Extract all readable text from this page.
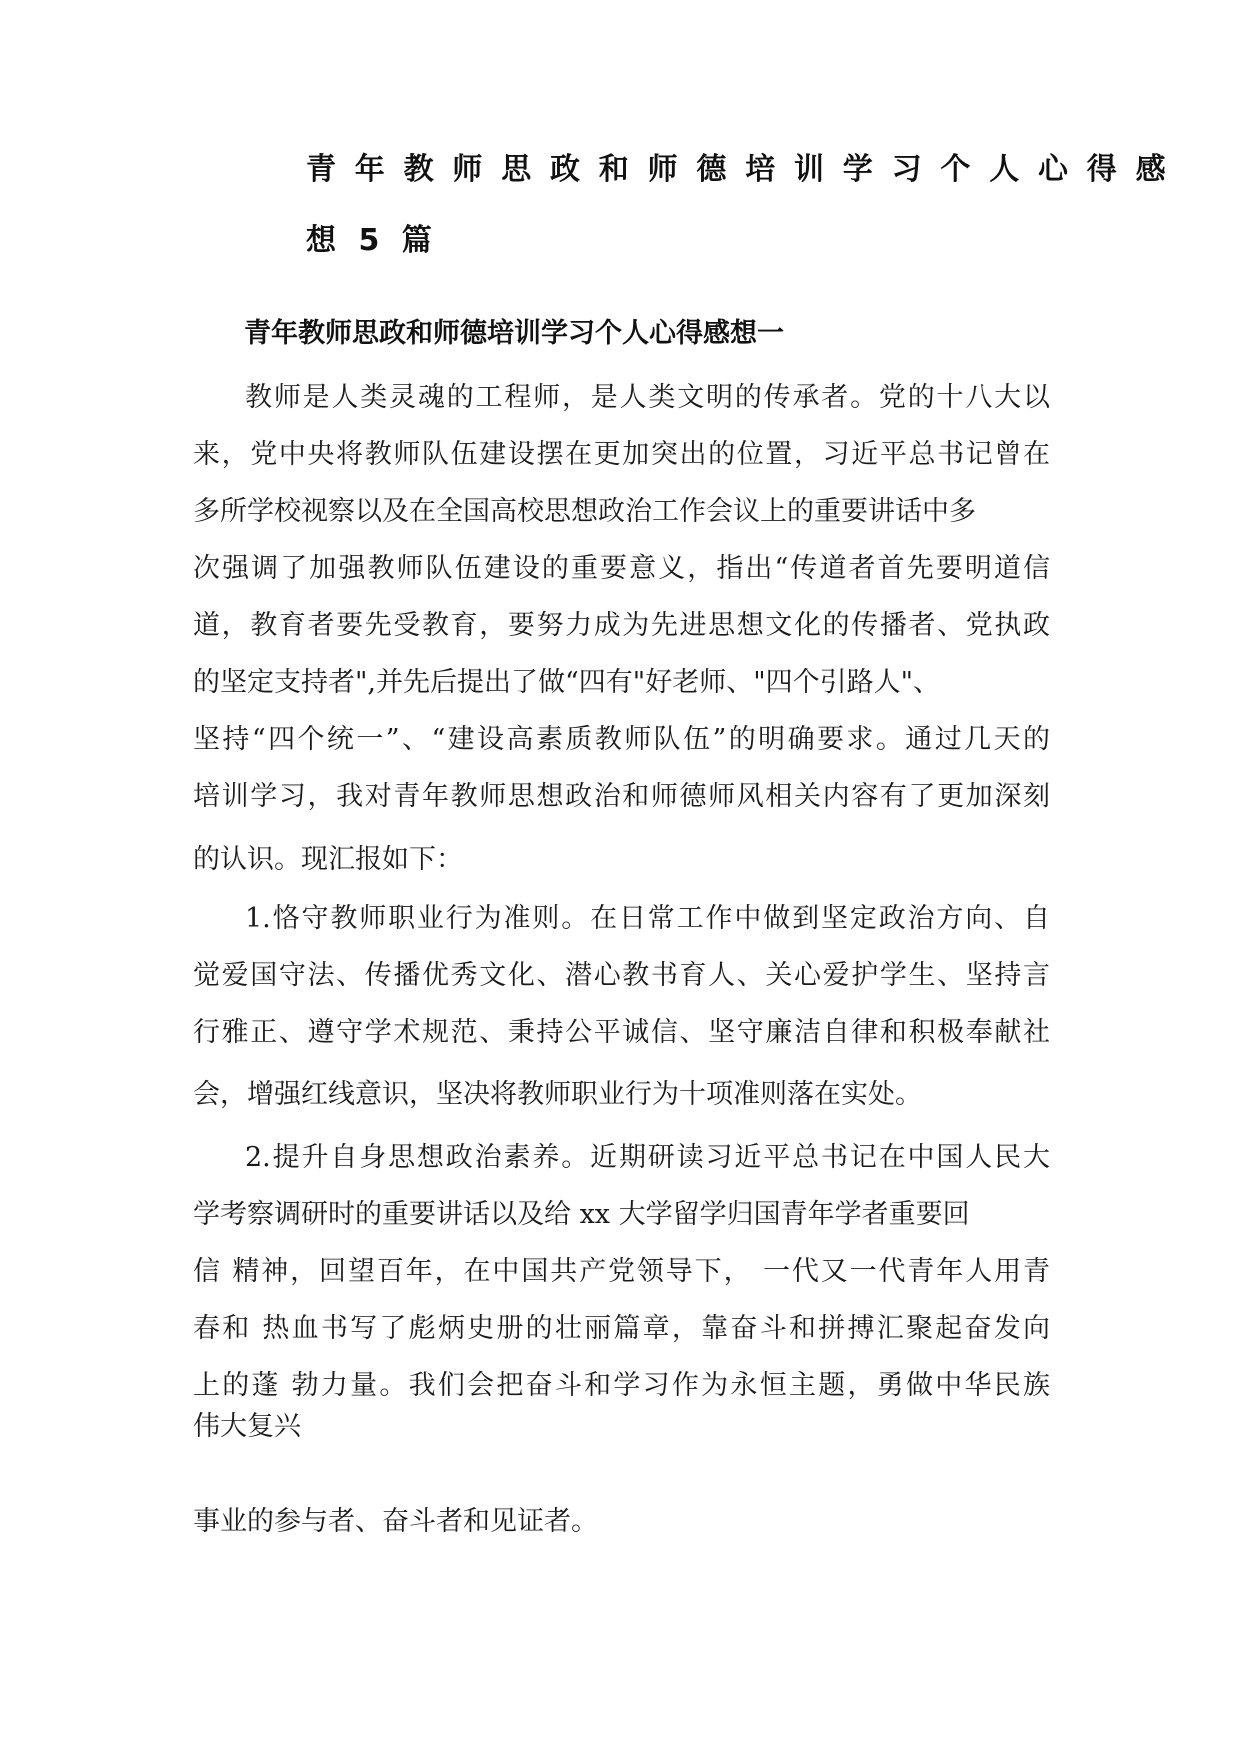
青年教师思政和师德培训学习个人心得感
想 5 篇
青年教师思政和师德培训学习个人心得感想一
教师是人类灵魂的工程师，是人类文明的传承者。党的十八大以
来，党中央将教师队伍建设摆在更加突出的位置，习近平总书记曾在
多所学校视察以及在全国高校思想政治工作会议上的重要讲话中多
次强调了加强教师队伍建设的重要意义，指出“传道者首先要明道信
道，教育者要先受教育，要努力成为先进思想文化的传播者、党执政
的坚定支持者",并先后提出了做“四有"好老师、"四个引路人"、
坚持“四个统一”、“建设高素质教师队伍”的明确要求。通过几天的
培训学习，我对青年教师思想政治和师德师风相关内容有了更加深刻
的认识。现汇报如下：
1.恪守教师职业行为准则。在日常工作中做到坚定政治方向、自
觉爱国守法、传播优秀文化、潜心教书育人、关心爱护学生、坚持言
行雅正、遵守学术规范、秉持公平诚信、坚守廉洁自律和积极奉献社
会，增强红线意识，坚决将教师职业行为十项准则落在实处。
2.提升自身思想政治素养。近期研读习近平总书记在中国人民大
学考察调研时的重要讲话以及给 xx 大学留学归国青年学者重要回
信 精神，回望百年，在中国共产党领导下， 一代又一代青年人用青
春和 热血书写了彪炳史册的壮丽篇章，靠奋斗和拼搏汇聚起奋发向
上的蓬 勃力量。我们会把奋斗和学习作为永恒主题，勇做中华民族
伟大复兴
事业的参与者、奋斗者和见证者。
